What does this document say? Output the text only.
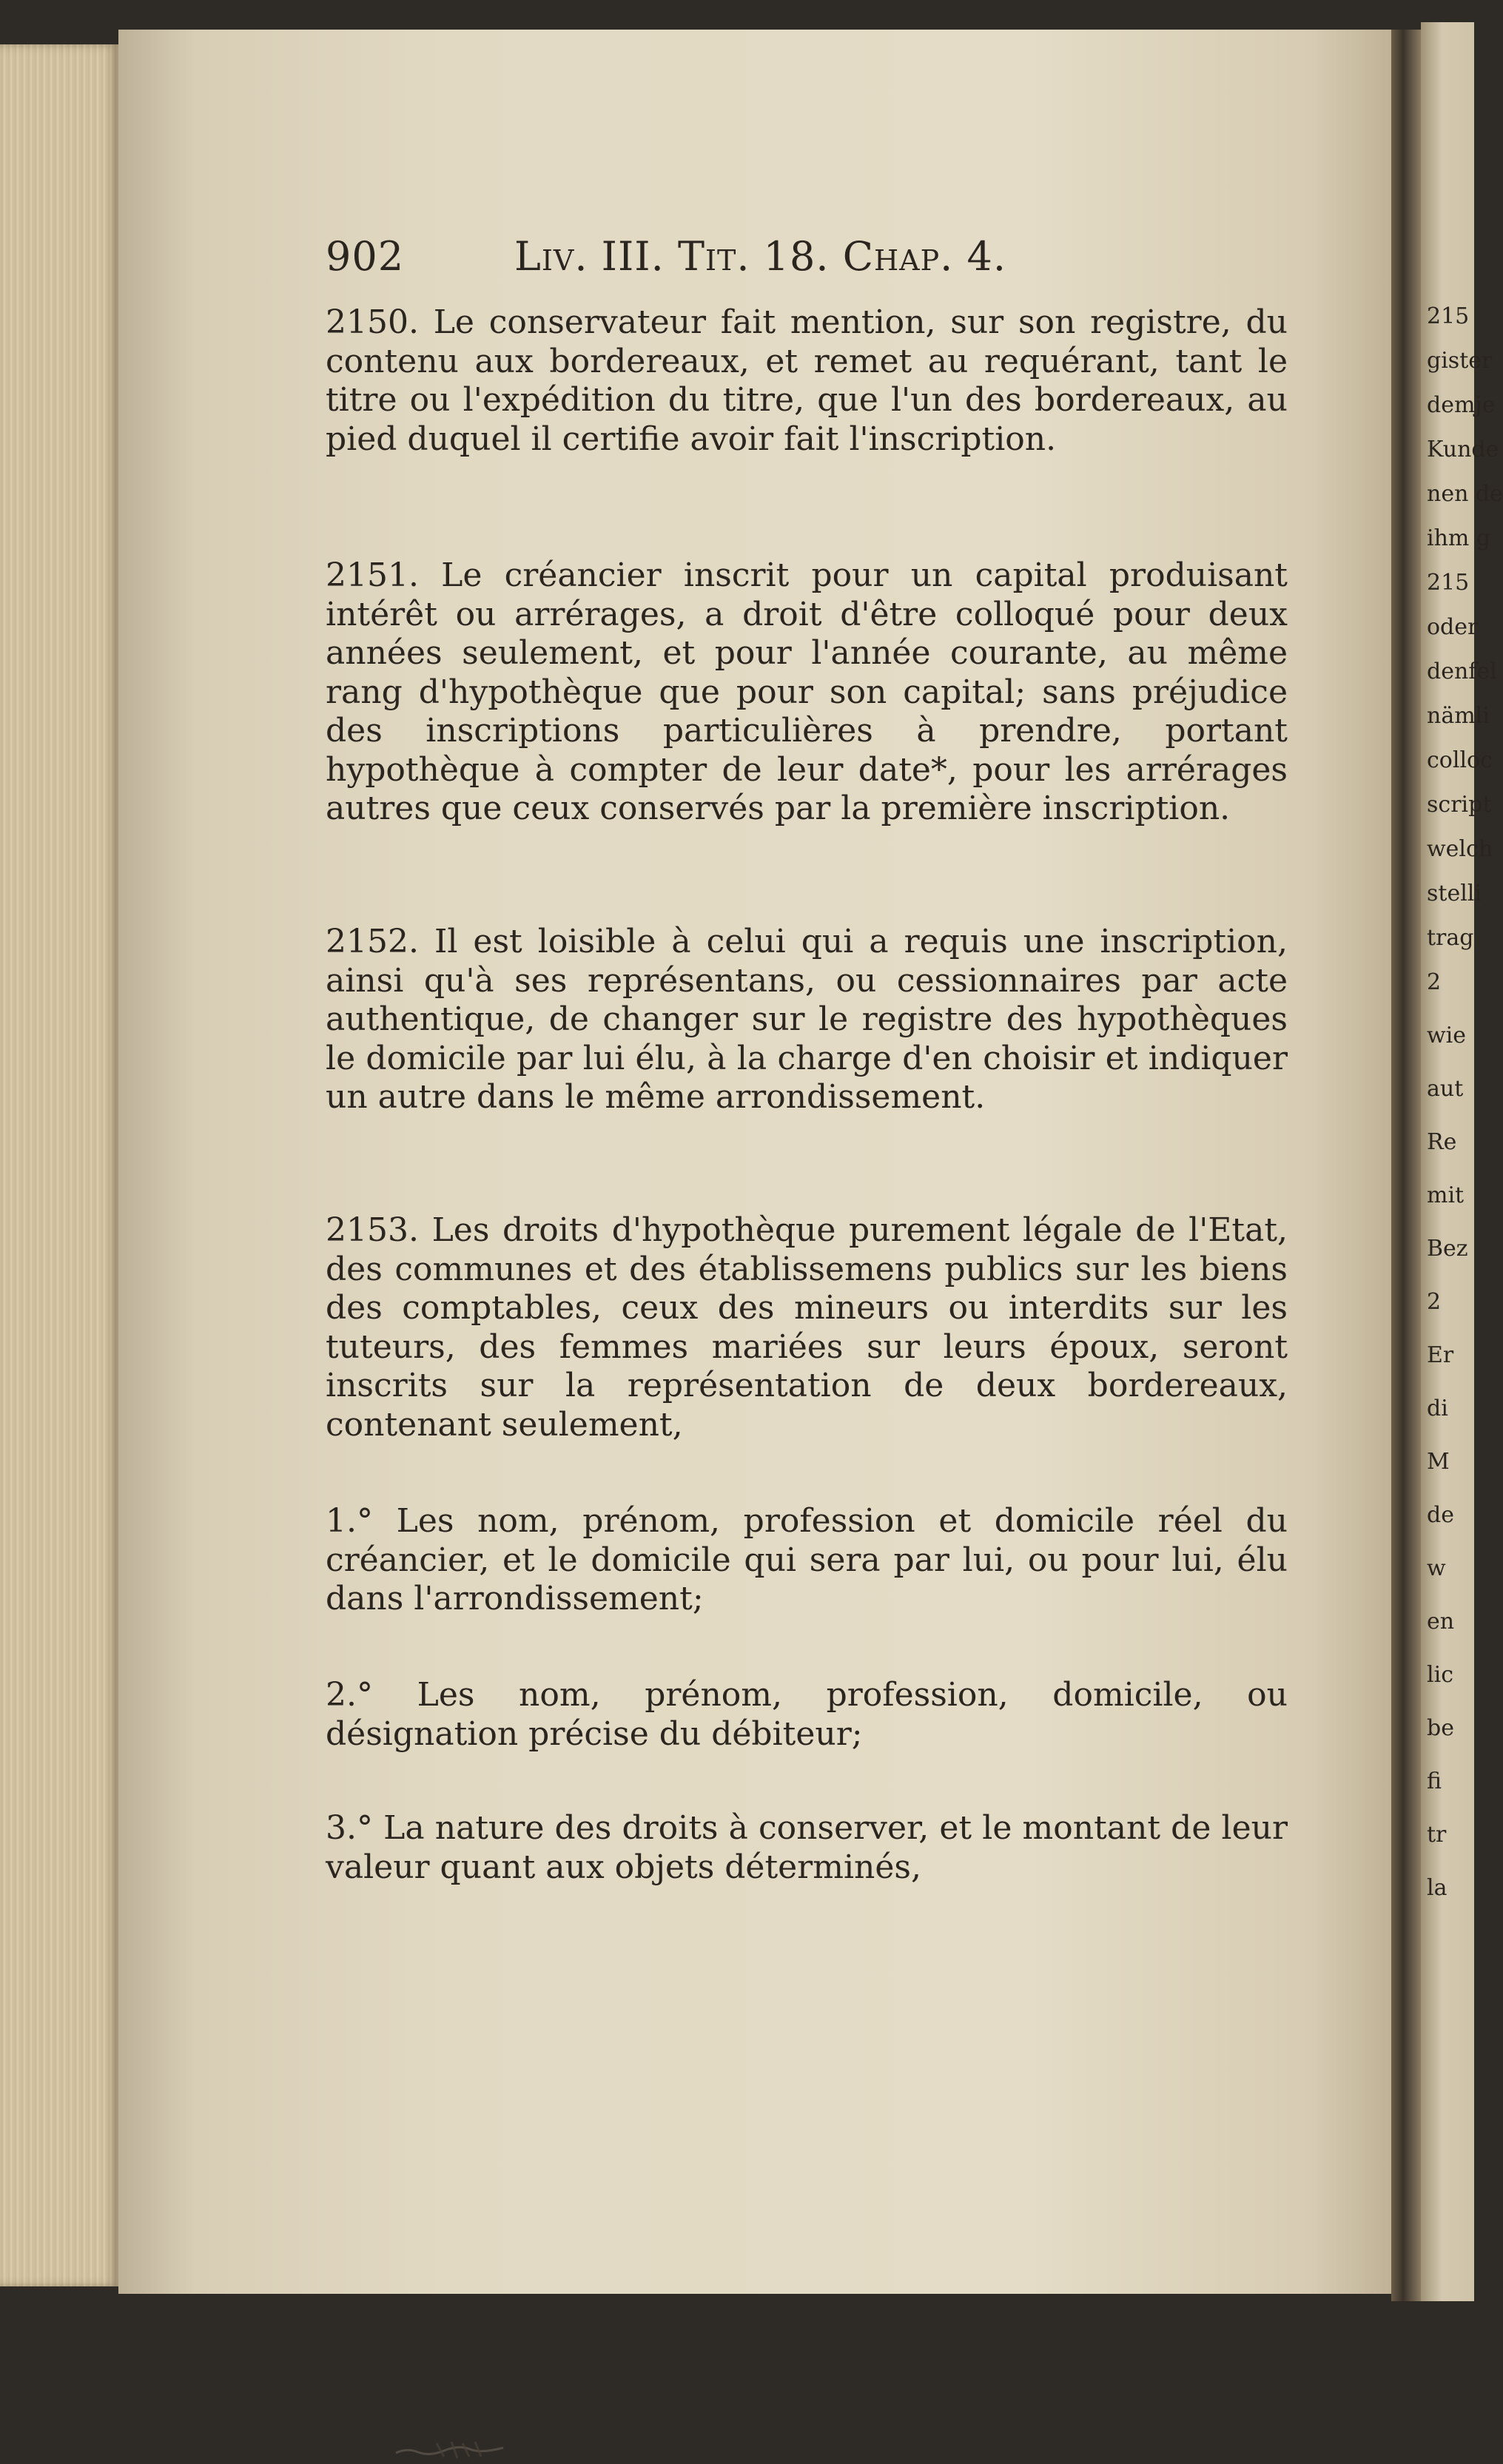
215
gister
demje
Kunde
nen de
ihm g
215
oder
denfel
nämli
colloc
script
welch
stelli
trag
2
wie
aut
Re
mit
Bez
2
Er
di
M
de
w
en
lic
be
fi
tr
la
902	Liv. III. Tit. 18. Chap. 4.

2150. Le conservateur fait mention, sur son registre, du contenu aux bordereaux, et remet au requérant, tant le titre ou l'expédition du titre, que l'un des bordereaux, au pied duquel il certifie avoir fait l'inscription.

2151. Le créancier inscrit pour un capital produisant intérêt ou arrérages, a droit d'être colloqué pour deux années seulement, et pour l'année courante, au même rang d'hypothèque que pour son capital; sans préjudice des inscriptions particulières à prendre, portant hypothèque à compter de leur date*, pour les arrérages autres que ceux conservés par la première inscription.

2152. Il est loisible à celui qui a requis une inscription, ainsi qu'à ses représentans, ou cessionnaires par acte authentique, de changer sur le registre des hypothèques le domicile par lui élu, à la charge d'en choisir et indiquer un autre dans le même arrondissement.

2153. Les droits d'hypothèque purement légale de l'Etat, des communes et des établissemens publics sur les biens des comptables, ceux des mineurs ou interdits sur les tuteurs, des femmes mariées sur leurs époux, seront inscrits sur la représentation de deux bordereaux, contenant seulement,

1.° Les nom, prénom, profession et domicile réel du créancier, et le domicile qui sera par lui, ou pour lui, élu dans l'arrondissement;

2.° Les nom, prénom, profession, domicile, ou désignation précise du débiteur;

3.° La nature des droits à conserver, et le montant de leur valeur quant aux objets déterminés,
